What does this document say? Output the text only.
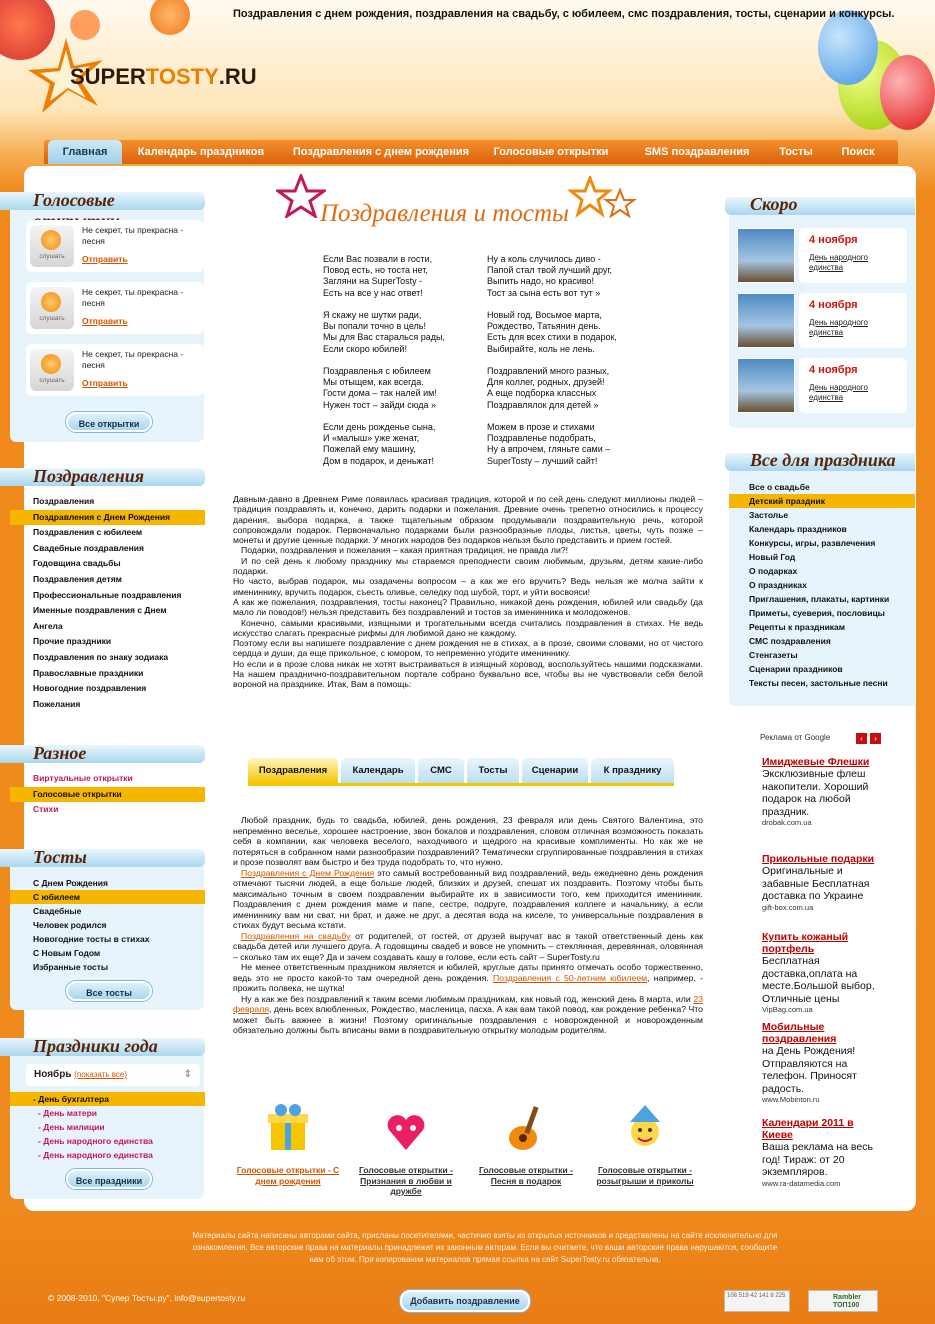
SUPERTOSTY.RU
Поздравления с днем рождения, поздравления на свадьбу, с юбилеем, смс поздравления, тосты, сценарии и конкурсы.
Главная	Календарь праздников	Поздравления с днем рождения	Голосовые открытки	SMS поздравления	Тосты	Поиск
Голосовые
слушать
Не секрет, ты прекрасна - песня
Отправить
слушать
Не секрет, ты прекрасна - песня
Отправить
слушать
Не секрет, ты прекрасна - песня
Отправить
Все открытки
Поздравления
Поздравления
Поздравления с Днем Рождения
Поздравления с юбилеем
Свадебные поздравления
Годовщина свадьбы
Поздравления детям
Профессиональные поздравления
Именные поздравления с Днем
Ангела
Прочие праздники
Поздравления по знаку зодиака
Православные праздники
Новогодние поздравления
Пожелания
Разное
Виртуальные открытки
Голосовые открытки
Стихи
Тосты
С Днем Рождения
С юбилеем
Свадебные
Человек родился
Новогодние тосты в стихах
С Новым Годом
Избранные тосты
Все тосты
Праздники года
Ноябрь (показать все)	⇕
- День бухгалтера
- День матери
- День милиции
- День народного единства
- День народного единства
Все праздники
Поздравления и тосты
Если Вас позвали в гости,
Повод есть, но тоста нет,
Загляни на SuperTosty -
Есть на все у нас ответ!
Я скажу не шутки ради,
Вы попали точно в цель!
Мы для Вас старалься рады,
Если скоро юбилей!
Поздравленья с юбилеем
Мы отыщем, как всегда.
Гости дома – так налей им!
Нужен тост – зайди сюда »
Если день рожденье сына,
И «малыш» уже женат,
Пожелай ему машину,
Дом в подарок, и деньжат!
Ну а коль случилось диво -
Папой стал твой лучший друг,
Выпить надо, но красиво!
Тост за сына есть вот тут »
Новый год, Восьмое марта,
Рождество, Татьянин день.
Есть для всех стихи в подарок,
Выбирайте, коль не лень.
Поздравлений много разных,
Для коллег, родных, друзей!
А еще подборка классных
Поздравлялок для детей »
Можем в прозе и стихами
Поздравленье подобрать,
Ну а впрочем, гляньте сами –
SuperTosty – лучший сайт!

Давным-давно в Древнем Риме появилась красивая традиция, которой и по сей день следуют миллионы людей – традиция поздравлять и, конечно, дарить подарки и пожелания. Древние очень трепетно относились к процессу дарения, выбора подарка, а также тщательным образом продумывали поздравительную речь, которой сопровождали подарок. Первоначально подарками были разнообразные плоды, листья, цветы, чуть позже – монеты и другие ценные подарки. У многих народов без подарков нельзя было представить и прием гостей.

Подарки, поздравления и пожелания – какая приятная традиция, не правда ли?!

И по сей день к любому празднику мы стараемся преподнести своим любимым, друзьям, детям какие-либо подарки.

Но часто, выбрав подарок, мы озадачены вопросом – а как же его вручить? Ведь нельзя же молча зайти к имениннику, вручить подарок, съесть оливье, селедку под шубой, торт, и уйти восвояси!

А как же пожелания, поздравления, тосты наконец? Правильно, никакой день рождения, юбилей или свадьбу (да мало ли поводов!) нельзя представить без поздравлений и тостов за именинника и молодоженов.

Конечно, самыми красивыми, изящными и трогательными всегда считались поздравления в стихах. Не ведь искусство слагать прекрасные рифмы для любимой дано не каждому.

Поэтому если вы напишете поздравление с днем рождения не в стихах, а в прозе, своими словами, но от чистого сердца и души, да еще прикольное, с юмором, то непременно угодите имениннику.

Но если и в прозе слова никак не хотят выстраиваться в изящный хоровод, воспользуйтесь нашими подсказками. На нашем празднично-поздравительном портале собрано буквально все, чтобы вы не чувствовали себя белой вороной на празднике. Итак, Вам в помощь:

Поздравления	Календарь	СМС	Тосты	Сценарии	К празднику

Любой праздник, будь то свадьба, юбилей, день рождения, 23 февраля или день Святого Валентина, это непременно веселье, хорошее настроение, звон бокалов и поздравления, словом отличная возможность показать себя в компании, как человека веселого, находчивого и щедрого на красивые комплименты. Но как же не потеряться в собранном нами разнообразии поздравлений? Тематически сгруппированные поздравления в стихах и прозе позволят вам быстро и без труда подобрать то, что нужно.

Поздравления с Днем Рождения это самый востребованный вид поздравлений, ведь ежедневно день рождения отмечают тысячи людей, а еще больше людей, близких и друзей, спешат их поздравить. Поэтому чтобы быть максимально точным в своем поздравлении выбирайте их в зависимости того, кем приходится именинник. Поздравления с днем рождения маме и папе, сестре, подруге, поздравления коллеге и начальнику, а если имениннику вам ни сват, ни брат, и даже не друг, а десятая вода на киселе, то универсальные поздравления в стихах будут весьма кстати.

Поздравления на свадьбу от родителей, от гостей, от друзей выручат вас в такой ответственный день как свадьба детей или лучшего друга. А годовщины свадеб и вовсе не упомнить – стеклянная, деревянная, оловянная – сколько там их еще? Да и зачем создавать кашу в голове, если есть сайт – SuperTosty.ru

Не менее ответственным праздником является и юбилей, круглые даты принято отмечать особо торжественно, ведь это не просто какой-то там очередной день рождения. Поздравления с 50-летним юбилеем, например, - прожить полвека, не шутка!

Ну а как же без поздравлений к таким всеми любимым праздникам, как новый год, женский день 8 марта, или 23 февраля, день всех влюбленных, Рождество, масленица, пасха. А как вам такой повод, как рождение ребенка? Что может быть важнее в жизни! Поэтому оригинальные поздравления с новорожденной и новорожденным обязательно должны быть вписаны вами в поздравительную открытку молодым родителям.

Голосовые открытки - С днем рождения
Голосовые открытки - Признания в любви и дружбе
Голосовые открытки - Песня в подарок
Голосовые открытки - розыгрыши и приколы
Скоро
4 ноября
День народного единства
4 ноября
День народного единства
4 ноября
День народного единства
Все для праздника
Все о свадьбе
Детский праздник
Застолье
Календарь праздников
Конкурсы, игры, развлечения
Новый Год
О подарках
О праздниках
Приглашения, плакаты, картинки
Приметы, суеверия, пословицы
Рецепты к праздникам
СМС поздравления
Стенгазеты
Сценарии праздников
Тексты песен, застольные песни
Реклама от Google	‹	›
Имиджевые Флешки
Эксклюзивные флеш накопители. Хороший подарок на любой праздник.
drobak.com.ua
Прикольные подарки
Оригинальные и забавные Бесплатная доставка по Украине
gift-box.com.ua
Купить кожаный портфель
Бесплатная доставка,оплата на месте.Большой выбор, Отличные цены
VipBag.com.ua
Мобильные поздравления
на День Рождения! Отправляются на телефон. Приносят радость.
www.Mobinton.ru
Календари 2011 в Киеве
Ваша реклама на весь год! Тираж: от 20 экземпляров.
www.ra-datamedia.com
Материалы сайта написаны авторами сайта, присланы посетителями, частично взяты из открытых источников и представлены на сайте исключительно для ознакомления. Все авторские права на материалы принадлежат их законным авторам. Если вы считаете, что ваши авторские права нарушаются, сообщите нам об этом. При копировании материалов прямая ссылка на сайт SuperTosty.ru обязательна.
© 2008-2010, "Супер Тосты.ру", info@supertosty.ru	Добавить поздравление	108 519 42 141 8 225	Rambler ТОП100
